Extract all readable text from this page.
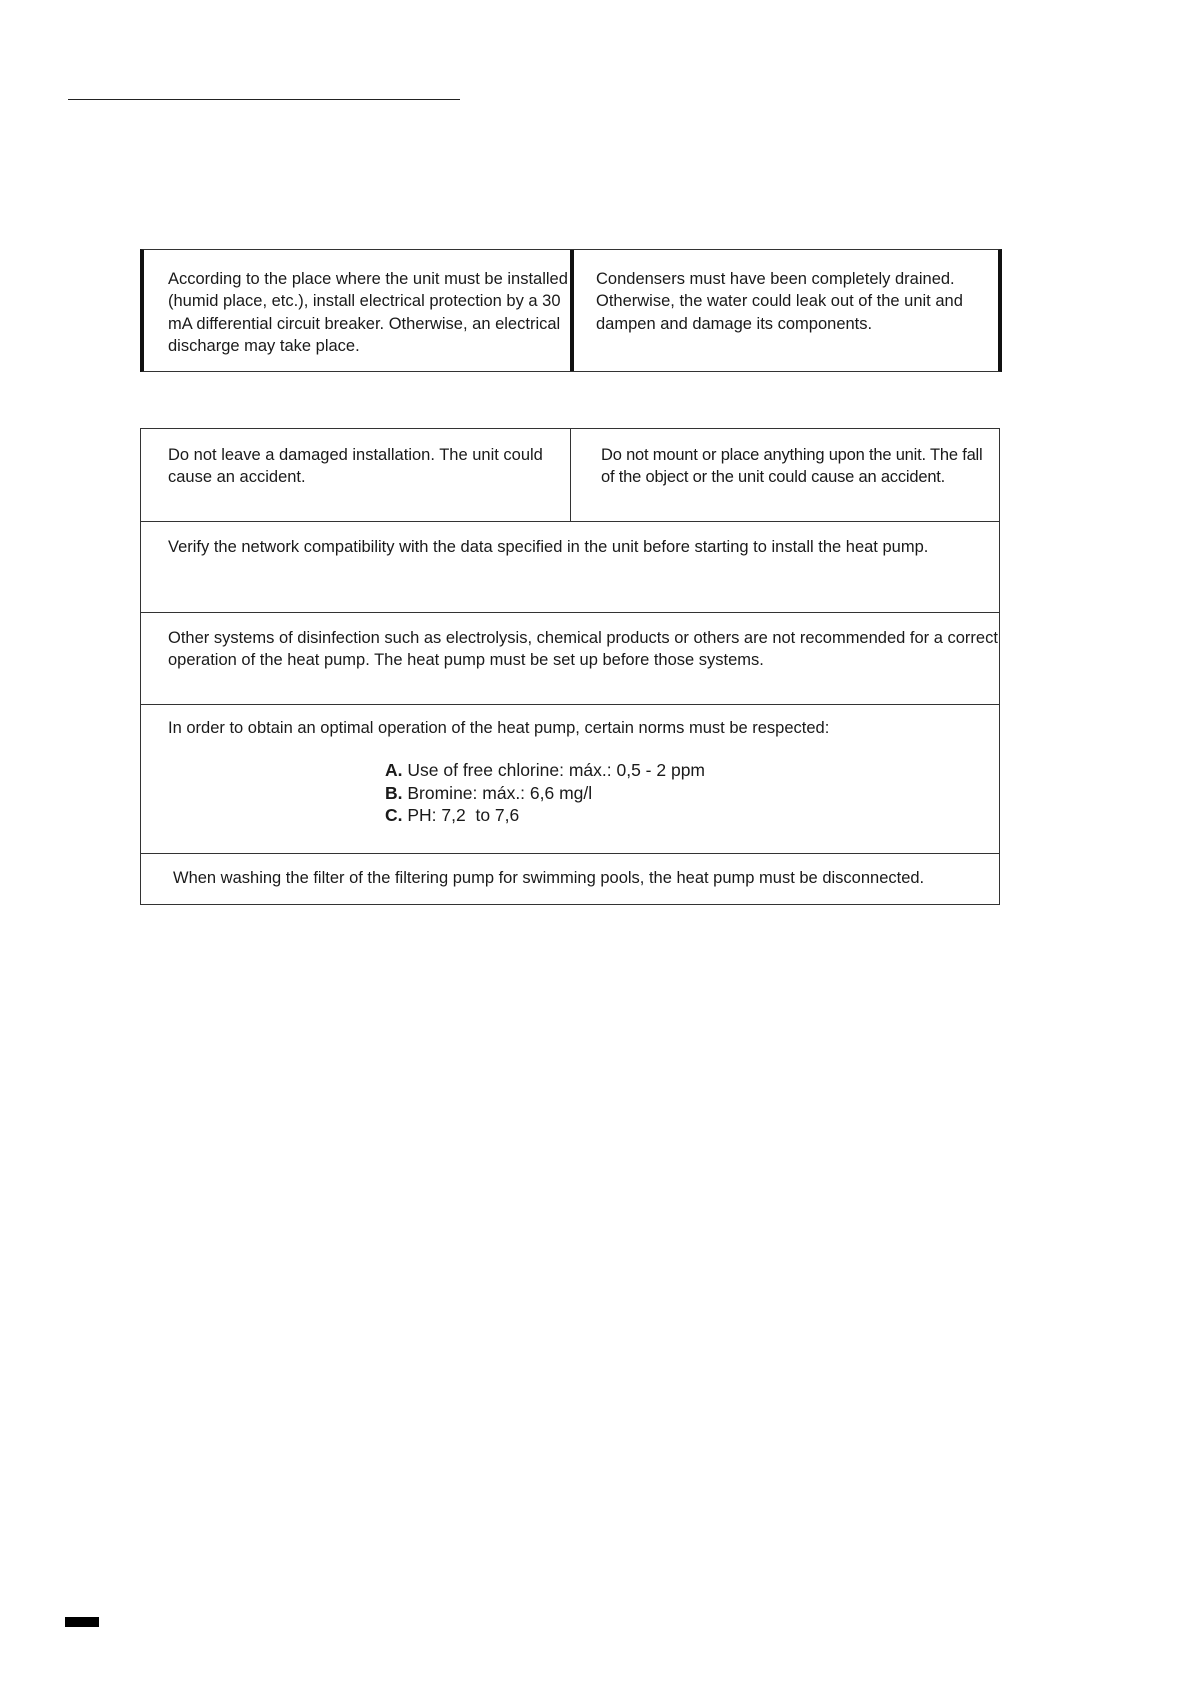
According to the place where the unit must be installed (humid place, etc.), install electrical protection by a 30 mA differential circuit breaker. Otherwise, an electrical discharge may take place.
Condensers must have been completely drained. Otherwise, the water could leak out of the unit and dampen and damage its components.
Do not leave a damaged installation. The unit could cause an accident.
Do not mount or place anything upon the unit. The fall of the object or the unit could cause an accident.
Verify the network compatibility with the data specified in the unit before starting to install the heat pump.
Other systems of disinfection such as electrolysis, chemical products or others are not recommended for a correct operation of the heat pump. The heat pump must be set up before those systems.
In order to obtain an optimal operation of the heat pump, certain norms must be respected:
A. Use of free chlorine: máx.: 0,5 - 2 ppm
B. Bromine: máx.: 6,6 mg/l
C. PH: 7,2  to 7,6
When washing the filter of the filtering pump for swimming pools, the heat pump must be disconnected.
